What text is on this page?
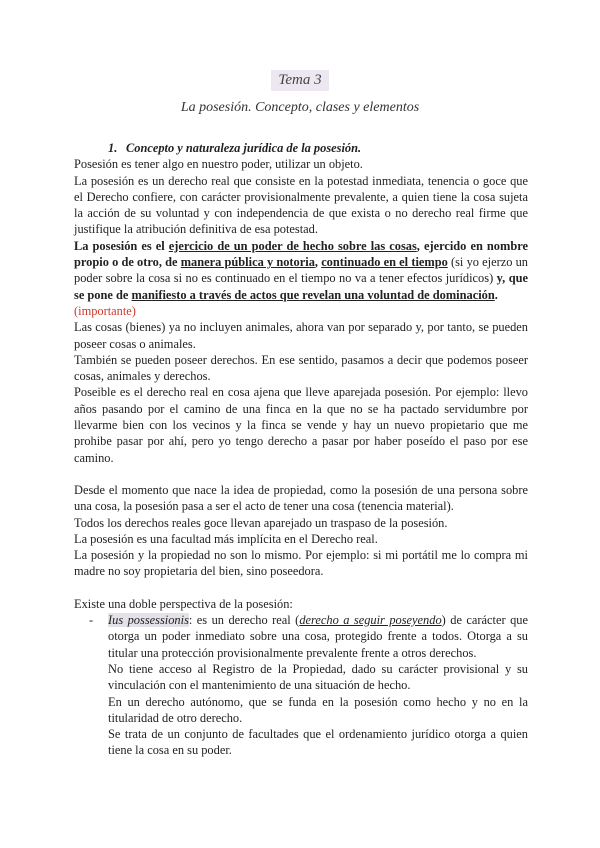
Tema 3
La posesión. Concepto, clases y elementos

1. Concepto y naturaleza jurídica de la posesión.

Posesión es tener algo en nuestro poder, utilizar un objeto.

La posesión es un derecho real que consiste en la potestad inmediata, tenencia o goce que el Derecho confiere, con carácter provisionalmente prevalente, a quien tiene la cosa sujeta la acción de su voluntad y con independencia de que exista o no derecho real firme que justifique la atribución definitiva de esa potestad.

La posesión es el ejercicio de un poder de hecho sobre las cosas, ejercido en nombre propio o de otro, de manera pública y notoria, continuado en el tiempo (si yo ejerzo un poder sobre la cosa si no es continuado en el tiempo no va a tener efectos jurídicos) y, que se pone de manifiesto a través de actos que revelan una voluntad de dominación.
(importante)

Las cosas (bienes) ya no incluyen animales, ahora van por separado y, por tanto, se pueden poseer cosas o animales.

También se pueden poseer derechos. En ese sentido, pasamos a decir que podemos poseer cosas, animales y derechos.

Poseible es el derecho real en cosa ajena que lleve aparejada posesión. Por ejemplo: llevo años pasando por el camino de una finca en la que no se ha pactado servidumbre por llevarme bien con los vecinos y la finca se vende y hay un nuevo propietario que me prohibe pasar por ahí, pero yo tengo derecho a pasar por haber poseído el paso por ese camino.

Desde el momento que nace la idea de propiedad, como la posesión de una persona sobre una cosa, la posesión pasa a ser el acto de tener una cosa (tenencia material).

Todos los derechos reales goce llevan aparejado un traspaso de la posesión.

La posesión es una facultad más implícita en el Derecho real.

La posesión y la propiedad no son lo mismo. Por ejemplo: si mi portátil me lo compra mi madre no soy propietaria del bien, sino poseedora.

Existe una doble perspectiva de la posesión:

- Ius possessionis: es un derecho real (derecho a seguir poseyendo) de carácter que otorga un poder inmediato sobre una cosa, protegido frente a todos. Otorga a su titular una protección provisionalmente prevalente frente a otros derechos.

No tiene acceso al Registro de la Propiedad, dado su carácter provisional y su vinculación con el mantenimiento de una situación de hecho.

En un derecho autónomo, que se funda en la posesión como hecho y no en la titularidad de otro derecho.

Se trata de un conjunto de facultades que el ordenamiento jurídico otorga a quien tiene la cosa en su poder.
